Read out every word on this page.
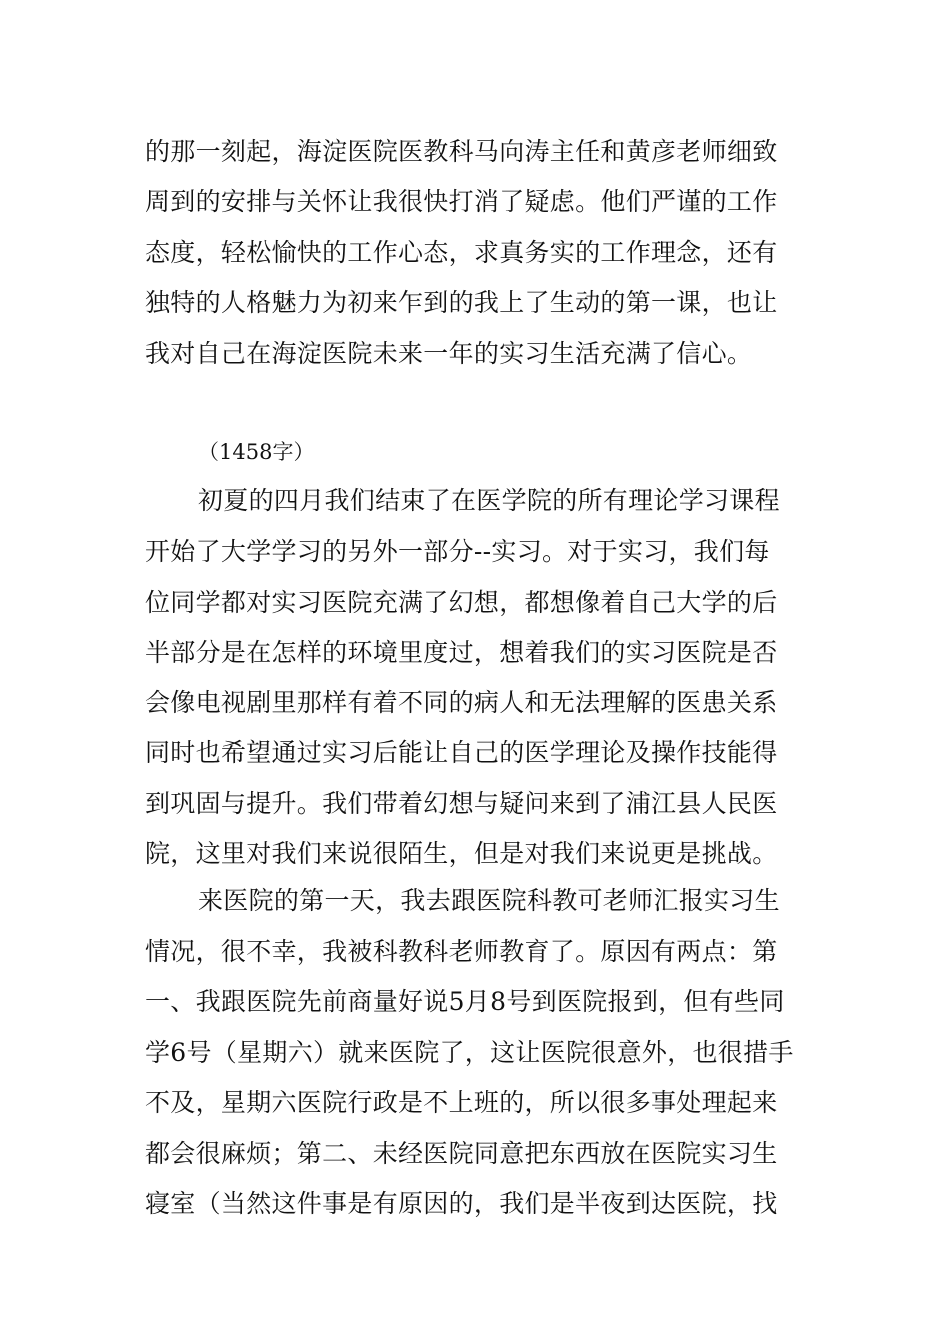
的那一刻起，海淀医院医教科马向涛主任和黄彦老师细致
周到的安排与关怀让我很快打消了疑虑。他们严谨的工作
态度，轻松愉快的工作心态，求真务实的工作理念，还有
独特的人格魅力为初来乍到的我上了生动的第一课，也让
我对自己在海淀医院未来一年的实习生活充满了信心。
（1458字）
初夏的四月我们结束了在医学院的所有理论学习课程
开始了大学学习的另外一部分--实习。对于实习，我们每
位同学都对实习医院充满了幻想，都想像着自己大学的后
半部分是在怎样的环境里度过，想着我们的实习医院是否
会像电视剧里那样有着不同的病人和无法理解的医患关系
同时也希望通过实习后能让自己的医学理论及操作技能得
到巩固与提升。我们带着幻想与疑问来到了浦江县人民医
院，这里对我们来说很陌生，但是对我们来说更是挑战。
来医院的第一天，我去跟医院科教可老师汇报实习生
情况，很不幸，我被科教科老师教育了。原因有两点：第
一、我跟医院先前商量好说5月8号到医院报到，但有些同
学6号（星期六）就来医院了，这让医院很意外，也很措手
不及，星期六医院行政是不上班的，所以很多事处理起来
都会很麻烦；第二、未经医院同意把东西放在医院实习生
寝室（当然这件事是有原因的，我们是半夜到达医院，找
